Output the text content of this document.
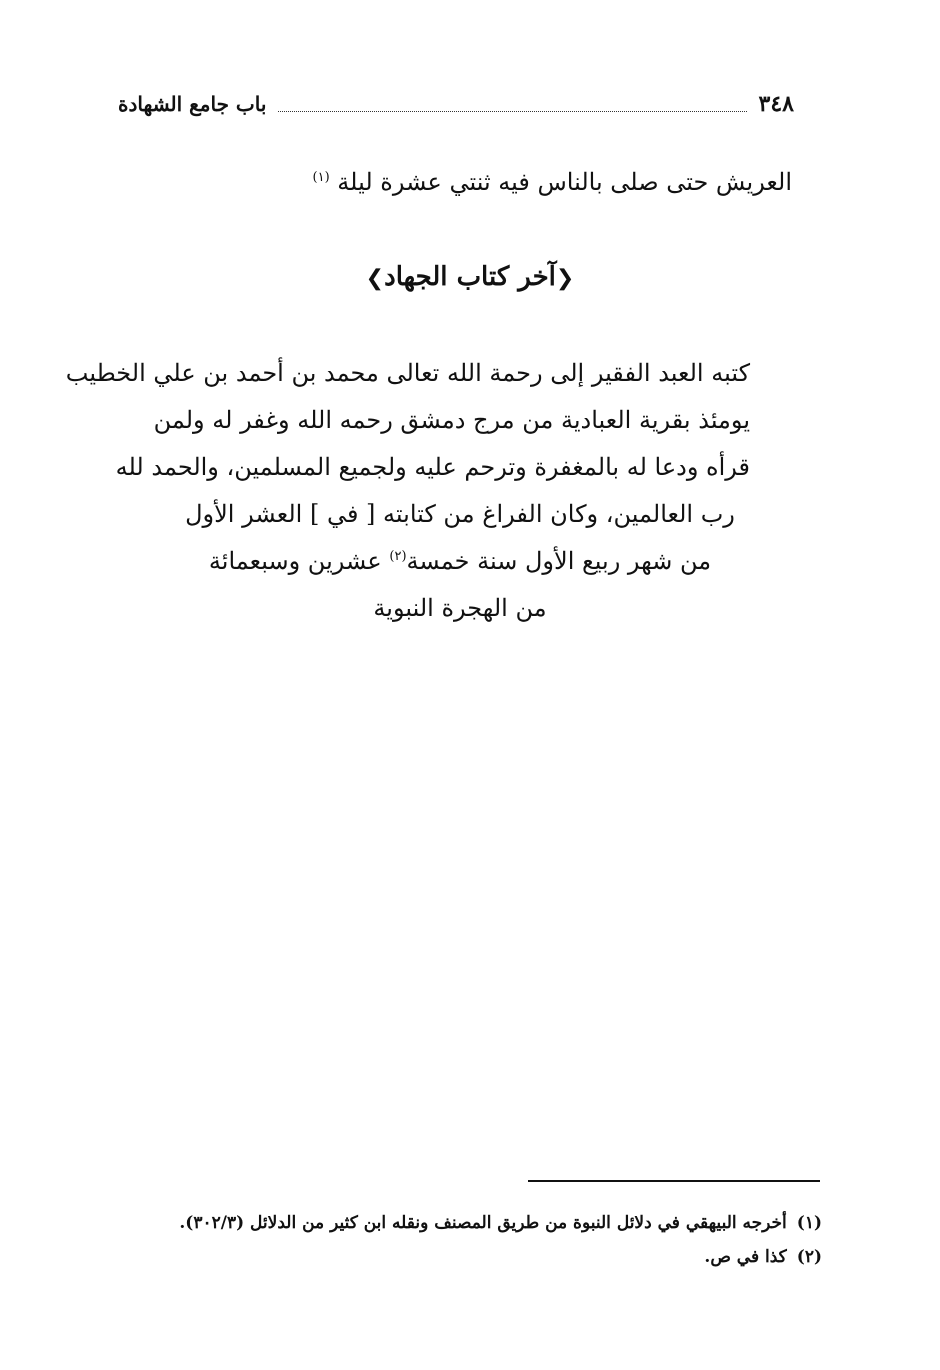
٣٤٨
باب جامع الشهادة
العريش حتى صلى بالناس فيه ثنتي عشرة ليلة $^{(١)}$
❮آخر كتاب الجهاد❯
كتبه العبد الفقير إلى رحمة الله تعالى محمد بن أحمد بن علي الخطيب
يومئذ بقرية العبادية من مرج دمشق رحمه الله وغفر له ولمن
قرأه ودعا له بالمغفرة وترحم عليه ولجميع المسلمين، والحمد لله
رب العالمين، وكان الفراغ من كتابته [ في ] العشر الأول
من شهر ربيع الأول سنة خمسة$^{(٢)}$ عشرين وسبعمائة
من الهجرة النبوية
(١)أخرجه البيهقي في دلائل النبوة من طريق المصنف ونقله ابن كثير من الدلائل (٣٠٢/٣).
(٢)كذا في ص.
